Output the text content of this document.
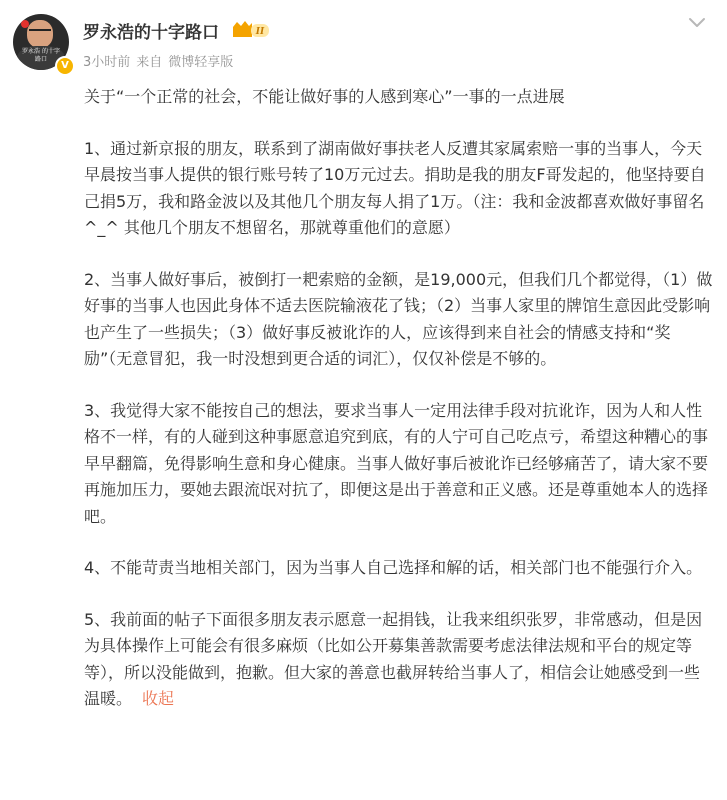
罗永浩 的十字路口
V
罗永浩的十字路口	II
3小时前 来自 微博轻享版

关于“一个正常的社会，不能让做好事的人感到寒心”一事的一点进展

1、通过新京报的朋友，联系到了湖南做好事扶老人反遭其家属索赔一事的当事人，今天早晨按当事人提供的银行账号转了10万元过去。捐助是我的朋友F哥发起的，他坚持要自己捐5万，我和路金波以及其他几个朋友每人捐了1万。（注：我和金波都喜欢做好事留名^_^ 其他几个朋友不想留名，那就尊重他们的意愿）

2、当事人做好事后，被倒打一耙索赔的金额，是19,000元，但我们几个都觉得，（1）做好事的当事人也因此身体不适去医院输液花了钱；（2）当事人家里的牌馆生意因此受影响也产生了一些损失；（3）做好事反被讹诈的人，应该得到来自社会的情感支持和“奖励”（无意冒犯，我一时没想到更合适的词汇），仅仅补偿是不够的。

3、我觉得大家不能按自己的想法，要求当事人一定用法律手段对抗讹诈，因为人和人性格不一样，有的人碰到这种事愿意追究到底，有的人宁可自己吃点亏，希望这种糟心的事早早翻篇，免得影响生意和身心健康。当事人做好事后被讹诈已经够痛苦了，请大家不要再施加压力，要她去跟流氓对抗了，即便这是出于善意和正义感。还是尊重她本人的选择吧。

4、不能苛责当地相关部门，因为当事人自己选择和解的话，相关部门也不能强行介入。

5、我前面的帖子下面很多朋友表示愿意一起捐钱，让我来组织张罗，非常感动，但是因为具体操作上可能会有很多麻烦（比如公开募集善款需要考虑法律法规和平台的规定等等），所以没能做到，抱歉。但大家的善意也截屏转给当事人了，相信会让她感受到一些温暖。 收起
